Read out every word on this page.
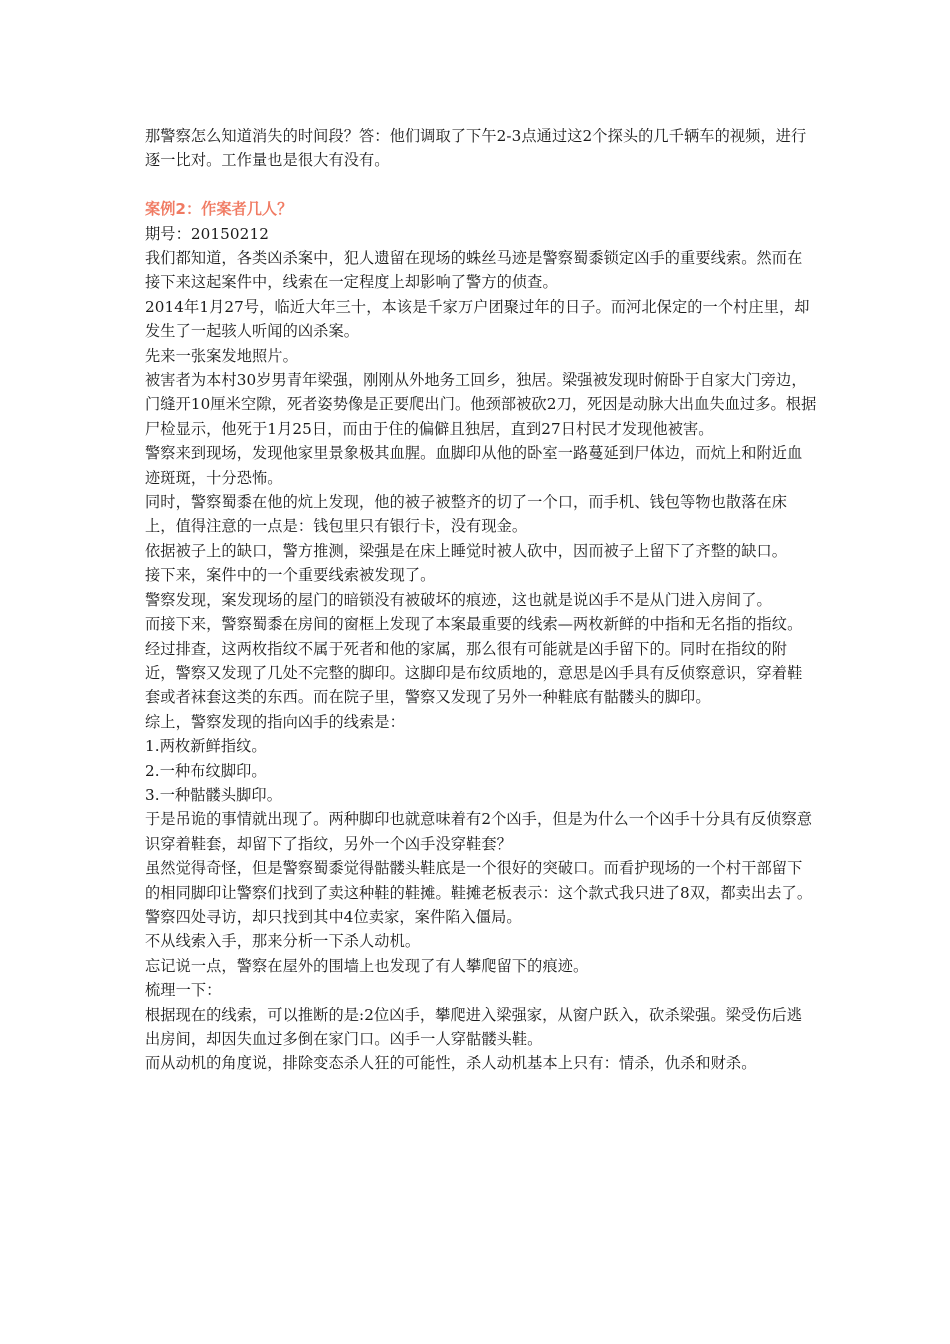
那警察怎么知道消失的时间段？答：他们调取了下午2-3点通过这2个探头的几千辆车的视频，进行逐一比对。工作量也是很大有没有。

案例2：作案者几人？

期号：20150212

我们都知道，各类凶杀案中，犯人遗留在现场的蛛丝马迹是警察蜀黍锁定凶手的重要线索。然而在接下来这起案件中，线索在一定程度上却影响了警方的侦查。

2014年1月27号，临近大年三十，本该是千家万户团聚过年的日子。而河北保定的一个村庄里，却发生了一起骇人听闻的凶杀案。

先来一张案发地照片。

被害者为本村30岁男青年梁强，刚刚从外地务工回乡，独居。梁强被发现时俯卧于自家大门旁边，门缝开10厘米空隙，死者姿势像是正要爬出门。他颈部被砍2刀，死因是动脉大出血失血过多。根据尸检显示，他死于1月25日，而由于住的偏僻且独居，直到27日村民才发现他被害。

警察来到现场，发现他家里景象极其血腥。血脚印从他的卧室一路蔓延到尸体边，而炕上和附近血迹斑斑，十分恐怖。

同时，警察蜀黍在他的炕上发现，他的被子被整齐的切了一个口，而手机、钱包等物也散落在床上，值得注意的一点是：钱包里只有银行卡，没有现金。

依据被子上的缺口，警方推测，梁强是在床上睡觉时被人砍中，因而被子上留下了齐整的缺口。

接下来，案件中的一个重要线索被发现了。

警察发现，案发现场的屋门的暗锁没有被破坏的痕迹，这也就是说凶手不是从门进入房间了。

而接下来，警察蜀黍在房间的窗框上发现了本案最重要的线索—两枚新鲜的中指和无名指的指纹。

经过排查，这两枚指纹不属于死者和他的家属，那么很有可能就是凶手留下的。同时在指纹的附近，警察又发现了几处不完整的脚印。这脚印是布纹质地的，意思是凶手具有反侦察意识，穿着鞋套或者袜套这类的东西。而在院子里，警察又发现了另外一种鞋底有骷髅头的脚印。

综上，警察发现的指向凶手的线索是：

1.两枚新鲜指纹。

2.一种布纹脚印。

3.一种骷髅头脚印。

于是吊诡的事情就出现了。两种脚印也就意味着有2个凶手，但是为什么一个凶手十分具有反侦察意识穿着鞋套，却留下了指纹，另外一个凶手没穿鞋套？

虽然觉得奇怪，但是警察蜀黍觉得骷髅头鞋底是一个很好的突破口。而看护现场的一个村干部留下的相同脚印让警察们找到了卖这种鞋的鞋摊。鞋摊老板表示：这个款式我只进了8双，都卖出去了。警察四处寻访，却只找到其中4位卖家，案件陷入僵局。

不从线索入手，那来分析一下杀人动机。

忘记说一点，警察在屋外的围墙上也发现了有人攀爬留下的痕迹。

梳理一下：

根据现在的线索，可以推断的是:2位凶手，攀爬进入梁强家，从窗户跃入，砍杀梁强。梁受伤后逃出房间，却因失血过多倒在家门口。凶手一人穿骷髅头鞋。

而从动机的角度说，排除变态杀人狂的可能性，杀人动机基本上只有：情杀，仇杀和财杀。
